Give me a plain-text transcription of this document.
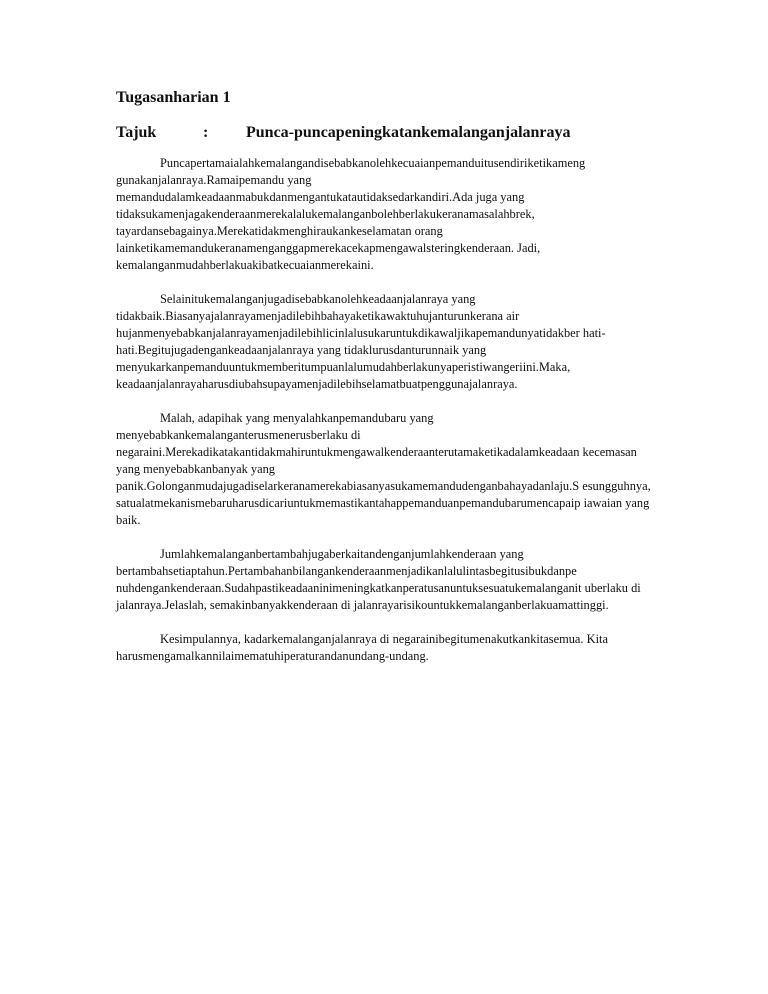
Tugasanharian 1
Tajuk	: Punca-puncapeningkatankemalanganjalanraya

Puncapertamaialahkemalangandisebabkanolehkecuaianpemanduitusendiriketikameng gunakanjalanraya.Ramaipemandu yang memandudalamkeadaanmabukdanmengantukatautidaksedarkandiri.Ada juga yang tidaksukamenjagakenderaanmerekalalukemalanganbolehberlakukeranamasalahbrek, tayardansebagainya.Merekatidakmenghiraukankeselamatan orang lainketikamemandukeranamenganggapmerekacekapmengawalsteringkenderaan. Jadi, kemalanganmudahberlakuakibatkecuaianmerekaini.

Selainitukemalanganjugadisebabkanolehkeadaanjalanraya yang tidakbaik.Biasanyajalanrayamenjadilebihbahayaketikawaktuhujanturunkerana air hujanmenyebabkanjalanrayamenjadilebihlicinlalusukaruntukdikawaljikapemandunyatidakber hati-hati.Begitujugadengankeadaanjalanraya yang tidaklurusdanturunnaik yang menyukarkanpemanduuntukmemberitumpuanlalumudahberlakunyaperistiwangeriini.Maka, keadaanjalanrayaharusdiubahsupayamenjadilebihselamatbuatpenggunajalanraya.

Malah, adapihak yang menyalahkanpemandubaru yang menyebabkankemalanganterusmenerusberlaku di negaraini.Merekadikatakantidakmahiruntukmengawalkenderaanterutamaketikadalamkeadaan kecemasan yang menyebabkanbanyak yang panik.Golonganmudajugadiselarkeranamerekabiasanyasukamemandudenganbahayadanlaju.S esungguhnya, satualatmekanismebaruharusdicariuntukmemastikantahappemanduanpemandubarumencapaip iawaian yang baik.

Jumlahkemalanganbertambahjugaberkaitandenganjumlahkenderaan yang bertambahsetiaptahun.Pertambahanbilangankenderaanmenjadikanlalulintasbegitusibukdanpe nuhdengankenderaan.Sudahpastikeadaaninimeningkatkanperatusanuntuksesuatukemalanganit uberlaku di jalanraya.Jelaslah, semakinbanyakkenderaan di jalanrayarisikountukkemalanganberlakuamattinggi.

Kesimpulannya, kadarkemalanganjalanraya di negarainibegitumenakutkankitasemua. Kita harusmengamalkannilaimematuhiperaturandanundang-undang.
